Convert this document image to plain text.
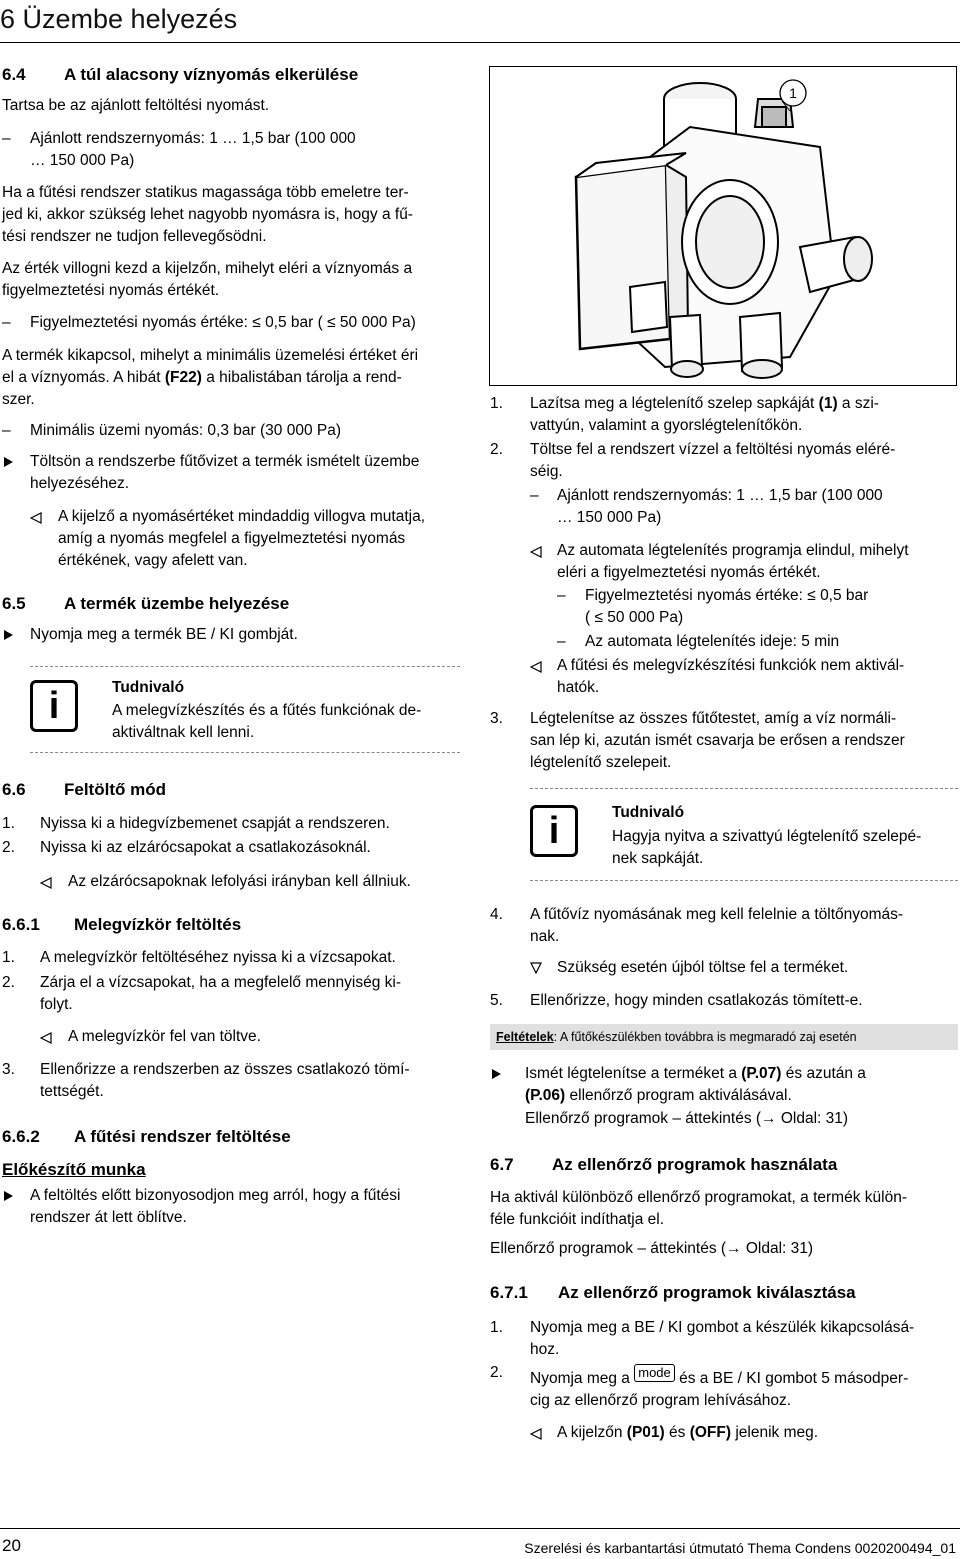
6 Üzembe helyezés
6.4 A túl alacsony víznyomás elkerülése
Tartsa be az ajánlott feltöltési nyomást.
– Ajánlott rendszernyomás: 1 … 1,5 bar (100 000
… 150 000 Pa)
Ha a fűtési rendszer statikus magassága több emeletre ter-
jed ki, akkor szükség lehet nagyobb nyomásra is, hogy a fű-
tési rendszer ne tudjon fellevegősödni.
Az érték villogni kezd a kijelzőn, mihelyt eléri a víznyomás a
figyelmeztetési nyomás értékét.
– Figyelmeztetési nyomás értéke: ≤ 0,5 bar ( ≤ 50 000 Pa)
A termék kikapcsol, mihelyt a minimális üzemelési értéket éri
el a víznyomás. A hibát (F22) a hibalistában tárolja a rend-
szer.
– Minimális üzemi nyomás: 0,3 bar (30 000 Pa)
Töltsön a rendszerbe fűtővizet a termék ismételt üzembe
helyezéséhez.
A kijelző a nyomásértéket mindaddig villogva mutatja,
amíg a nyomás megfelel a figyelmeztetési nyomás
értékének, vagy afelett van.
6.5 A termék üzembe helyezése
Nyomja meg a termék BE / KI gombját.
i	Tudnivaló
A melegvízkészítés és a fűtés funkciónak de-
aktiváltnak kell lenni.
6.6 Feltöltő mód
1. Nyissa ki a hidegvízbemenet csapját a rendszeren.
2. Nyissa ki az elzárócsapokat a csatlakozásoknál.
Az elzárócsapoknak lefolyási irányban kell állniuk.
6.6.1 Melegvízkör feltöltés
1. A melegvízkör feltöltéséhez nyissa ki a vízcsapokat.
2. Zárja el a vízcsapokat, ha a megfelelő mennyiség ki-
folyt.
A melegvízkör fel van töltve.
3. Ellenőrizze a rendszerben az összes csatlakozó tömí-
tettségét.
6.6.2 A fűtési rendszer feltöltése
Előkészítő munka
A feltöltés előtt bizonyosodjon meg arról, hogy a fűtési
rendszer át lett öblítve.
1
1. Lazítsa meg a légtelenítő szelep sapkáját (1) a szi-
vattyún, valamint a gyorslégtelenítőkön.
2. Töltse fel a rendszert vízzel a feltöltési nyomás eléré-
séig.
– Ajánlott rendszernyomás: 1 … 1,5 bar (100 000
… 150 000 Pa)
Az automata légtelenítés programja elindul, mihelyt
eléri a figyelmeztetési nyomás értékét.
– Figyelmeztetési nyomás értéke: ≤ 0,5 bar
( ≤ 50 000 Pa)
– Az automata légtelenítés ideje: 5 min
A fűtési és melegvízkészítési funkciók nem aktivál-
hatók.
3. Légtelenítse az összes fűtőtestet, amíg a víz normáli-
san lép ki, azután ismét csavarja be erősen a rendszer
légtelenítő szelepeit.
i	Tudnivaló
Hagyja nyitva a szivattyú légtelenítő szelepé-
nek sapkáját.
4. A fűtővíz nyomásának meg kell felelnie a töltőnyomás-
nak.
Szükség esetén újból töltse fel a terméket.
5. Ellenőrizze, hogy minden csatlakozás tömített-e.
Feltételek: A fűtőkészülékben továbbra is megmaradó zaj esetén
Ismét légtelenítse a terméket a (P.07) és azután a
(P.06) ellenőrző program aktiválásával.
Ellenőrző programok – áttekintés (→ Oldal: 31)
6.7 Az ellenőrző programok használata
Ha aktivál különböző ellenőrző programokat, a termék külön-
féle funkcióit indíthatja el.
Ellenőrző programok – áttekintés (→ Oldal: 31)
6.7.1 Az ellenőrző programok kiválasztása
1. Nyomja meg a BE / KI gombot a készülék kikapcsolásá-
hoz.
2. Nyomja meg a mode és a BE / KI gombot 5 másodper-
cig az ellenőrző program lehívásához.
A kijelzőn (P01) és (OFF) jelenik meg.
20	Szerelési és karbantartási útmutató Thema Condens 0020200494_01
